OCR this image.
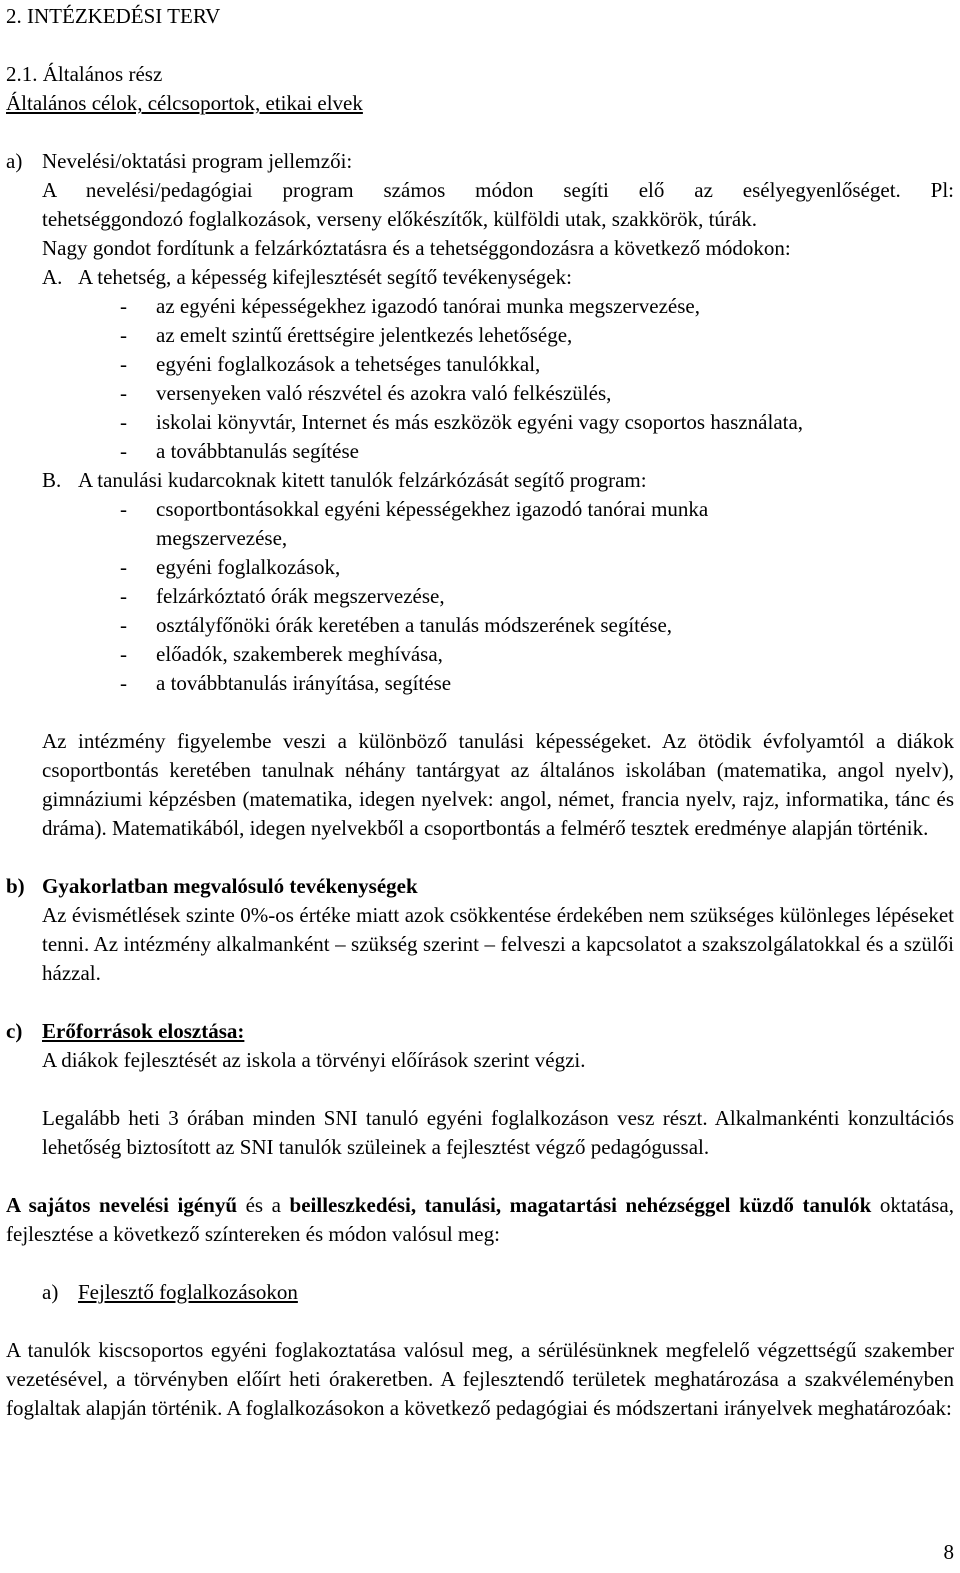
2. INTÉZKEDÉSI TERV
2.1. Általános rész
Általános célok, célcsoportok, etikai elvek
a) Nevelési/oktatási program jellemzői:
A nevelési/pedagógiai program számos módon segíti elő az esélyegyenlőséget. Pl:
tehetséggondozó foglalkozások, verseny előkészítők, külföldi utak, szakkörök, túrák.
Nagy gondot fordítunk a felzárkóztatásra és a tehetséggondozásra a következő módokon:
A. A tehetség, a képesség kifejlesztését segítő tevékenységek:
- az egyéni képességekhez igazodó tanórai munka megszervezése,
- az emelt szintű érettségire jelentkezés lehetősége,
- egyéni foglalkozások a tehetséges tanulókkal,
- versenyeken való részvétel és azokra való felkészülés,
- iskolai könyvtár, Internet és más eszközök egyéni vagy csoportos használata,
- a továbbtanulás segítése
B. A tanulási kudarcoknak kitett tanulók felzárkózását segítő program:
- csoportbontásokkal egyéni képességekhez igazodó tanórai munka megszervezése,
- egyéni foglalkozások,
- felzárkóztató órák megszervezése,
- osztályfőnöki órák keretében a tanulás módszerének segítése,
- előadók, szakemberek meghívása,
- a továbbtanulás irányítása, segítése
Az intézmény figyelembe veszi a különböző tanulási képességeket. Az ötödik évfolyamtól a diákok csoportbontás keretében tanulnak néhány tantárgyat az általános iskolában (matematika, angol nyelv), gimnáziumi képzésben (matematika, idegen nyelvek: angol, német, francia nyelv, rajz, informatika, tánc és dráma). Matematikából, idegen nyelvekből a csoportbontás a felmérő tesztek eredménye alapján történik.
b) Gyakorlatban megvalósuló tevékenységek
Az évismétlések szinte 0%-os értéke miatt azok csökkentése érdekében nem szükséges különleges lépéseket tenni. Az intézmény alkalmanként – szükség szerint – felveszi a kapcsolatot a szakszolgálatokkal és a szülői házzal.
c) Erőforrások elosztása:
A diákok fejlesztését az iskola a törvényi előírások szerint végzi.
Legalább heti 3 órában minden SNI tanuló egyéni foglalkozáson vesz részt. Alkalmankénti konzultációs lehetőség biztosított az SNI tanulók szüleinek a fejlesztést végző pedagógussal.
A sajátos nevelési igényű és a beilleszkedési, tanulási, magatartási nehézséggel küzdő tanulók oktatása, fejlesztése a következő színtereken és módon valósul meg:
a) Fejlesztő foglalkozásokon
A tanulók kiscsoportos egyéni foglakoztatása valósul meg, a sérülésünknek megfelelő végzettségű szakember vezetésével, a törvényben előírt heti órakeretben. A fejlesztendő területek meghatározása a szakvéleményben foglaltak alapján történik. A foglalkozásokon a következő pedagógiai és módszertani irányelvek meghatározóak:
8
